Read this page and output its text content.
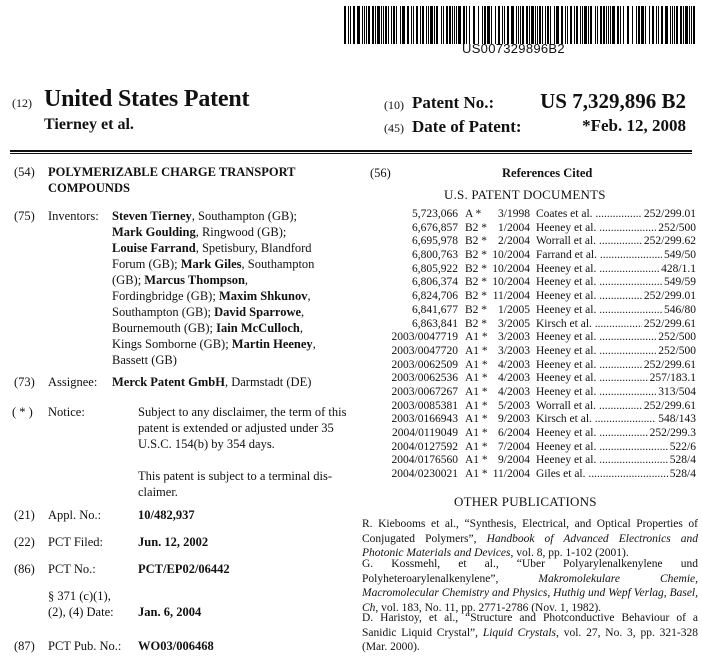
US007329896B2
(12) United States Patent
Tierney et al.
(10) Patent No.: US 7,329,896 B2
(45) Date of Patent:	*Feb. 12, 2008
(54) POLYMERIZABLE CHARGE TRANSPORT
COMPOUNDS
(75) Inventors: Steven Tierney, Southampton (GB);
Mark Goulding, Ringwood (GB);
Louise Farrand, Spetisbury, Blandford
Forum (GB); Mark Giles, Southampton
(GB); Marcus Thompson,
Fordingbridge (GB); Maxim Shkunov,
Southampton (GB); David Sparrowe,
Bournemouth (GB); Iain McCulloch,
Kings Somborne (GB); Martin Heeney,
Bassett (GB)
(73) Assignee: Merck Patent GmbH, Darmstadt (DE)
( * ) Notice:	Subject to any disclaimer, the term of this
patent is extended or adjusted under 35
U.S.C. 154(b) by 354 days.
This patent is subject to a terminal dis-
claimer.
(21) Appl. No.:	10/482,937
(22) PCT Filed:	Jun. 12, 2002
(86) PCT No.:	PCT/EP02/06442
§ 371 (c)(1),
(2), (4) Date: Jan. 6, 2004
(87) PCT Pub. No.: WO03/006468
(56)	References Cited
U.S. PATENT DOCUMENTS
5,723,066 A *	3/1998 Coates et al. .....	252/299.01
6,676,857 B2 * 1/2004 Heeney et al. .....	252/500
6,695,978 B2 * 2/2004 Worrall et al. .....	252/299.62
6,800,763 B2 * 10/2004 Farrand et al. .....	549/50
6,805,922 B2 * 10/2004 Heeney et al. .....	428/1.1
6,806,374 B2 * 10/2004 Heeney et al. .....	549/59
6,824,706 B2 * 11/2004 Heeney et al. .....	252/299.01
6,841,677 B2 * 1/2005 Heeney et al. .....	546/80
6,863,841 B2 * 3/2005 Kirsch et al. .....	252/299.61
2003/0047719 A1 * 3/2003 Heeney et al. .....	252/500
2003/0047720 A1 * 3/2003 Heeney et al. .....	252/500
2003/0062509 A1 * 4/2003 Heeney et al. .....	252/299.61
2003/0062536 A1 * 4/2003 Heeney et al. .....	257/183.1
2003/0067267 A1 * 4/2003 Heeney et al. .....	313/504
2003/0085381 A1 * 5/2003 Worrall et al. .....	252/299.61
2003/0166943 A1 * 9/2003 Kirsch et al. .....	548/143
2004/0119049 A1 * 6/2004 Heeney et al. .....	252/299.3
2004/0127592 A1 * 7/2004 Heeney et al. .....	522/6
2004/0176560 A1 * 9/2004 Heeney et al. .....	528/4
2004/0230021 A1 * 11/2004 Giles et al. .....	528/4
OTHER PUBLICATIONS
R. Kiebooms et al., “Synthesis, Electrical, and Optical Properties of Conjugated Polymers”, Handbook of Advanced Electronics and Photonic Materials and Devices, vol. 8, pp. 1-102 (2001).
G. Kossmehl, et al., “Uber Polyarylenalkenylene und Polyheteroarylenalkenylene”, Makromolekulare Chemie, Macromolecular Chemistry and Physics, Huthig und Wepf Verlag, Basel, Ch, vol. 183, No. 11, pp. 2771-2786 (Nov. 1, 1982).
D. Haristoy, et al., “Structure and Photconductive Behaviour of a Sanidic Liquid Crystal”, Liquid Crystals, vol. 27, No. 3, pp. 321-328 (Mar. 2000).
